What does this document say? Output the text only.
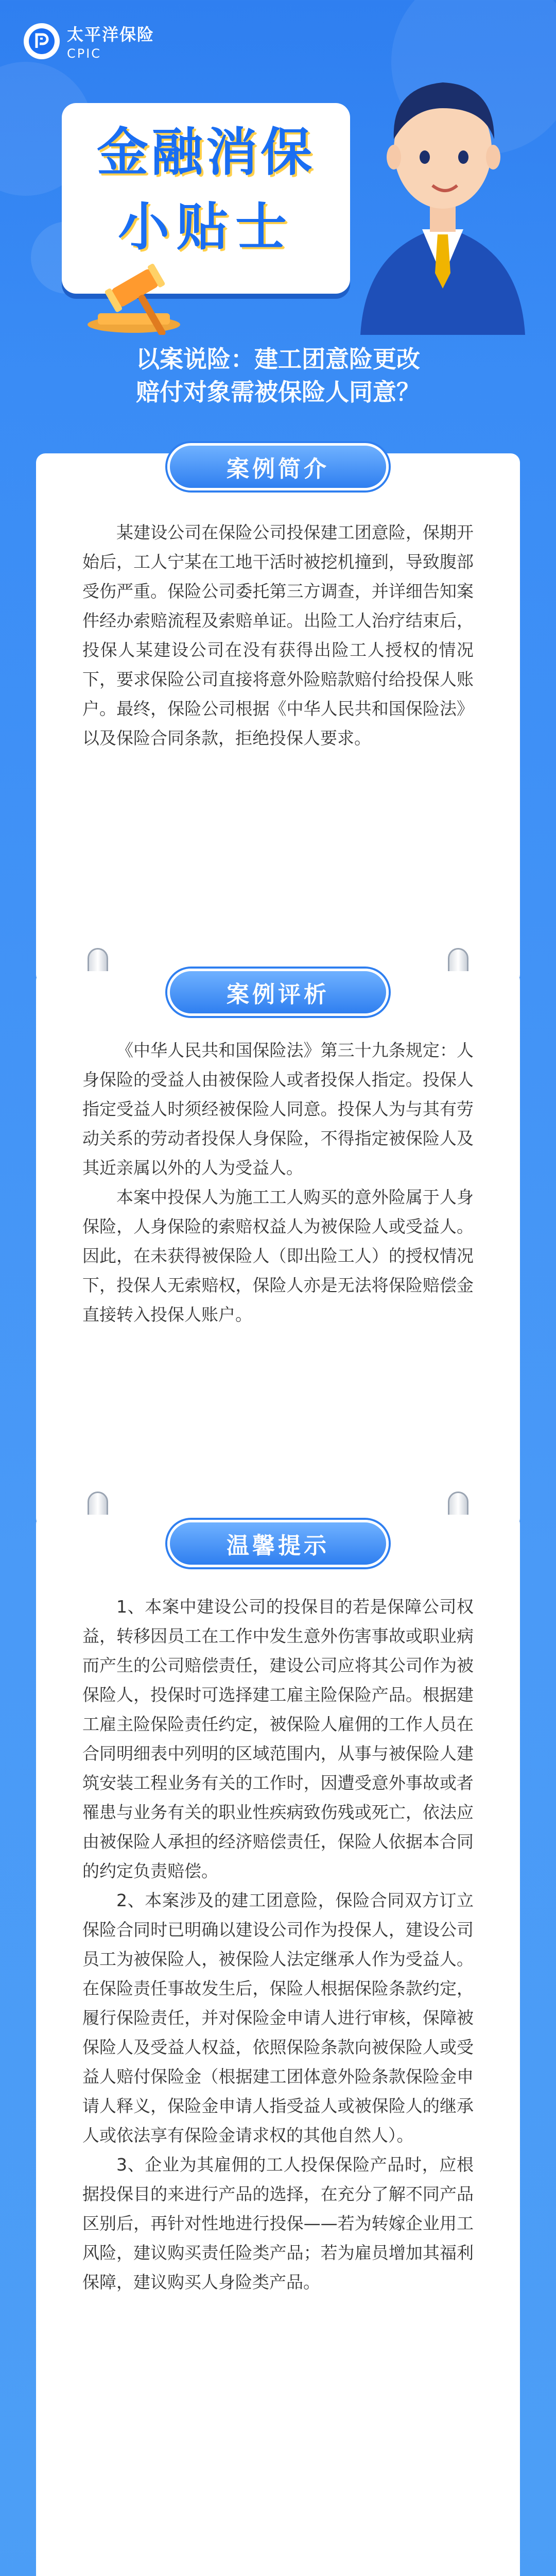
太平洋保险
CPIC
金融消保
小贴士
以案说险：建工团意险更改
赔付对象需被保险人同意？
案例简介

某建设公司在保险公司投保建工团意险，保期开始后，工人宁某在工地干活时被挖机撞到，导致腹部受伤严重。保险公司委托第三方调查，并详细告知案件经办索赔流程及索赔单证。出险工人治疗结束后，投保人某建设公司在没有获得出险工人授权的情况下，要求保险公司直接将意外险赔款赔付给投保人账户。最终，保险公司根据《中华人民共和国保险法》以及保险合同条款，拒绝投保人要求。

案例评析

《中华人民共和国保险法》第三十九条规定：人身保险的受益人由被保险人或者投保人指定。投保人指定受益人时须经被保险人同意。投保人为与其有劳动关系的劳动者投保人身保险，不得指定被保险人及其近亲属以外的人为受益人。

本案中投保人为施工工人购买的意外险属于人身保险，人身保险的索赔权益人为被保险人或受益人。因此，在未获得被保险人（即出险工人）的授权情况下，投保人无索赔权，保险人亦是无法将保险赔偿金直接转入投保人账户。

温馨提示

1、本案中建设公司的投保目的若是保障公司权益，转移因员工在工作中发生意外伤害事故或职业病而产生的公司赔偿责任，建设公司应将其公司作为被保险人，投保时可选择建工雇主险保险产品。根据建工雇主险保险责任约定，被保险人雇佣的工作人员在合同明细表中列明的区域范围内，从事与被保险人建筑安装工程业务有关的工作时，因遭受意外事故或者罹患与业务有关的职业性疾病致伤残或死亡，依法应由被保险人承担的经济赔偿责任，保险人依据本合同的约定负责赔偿。

2、本案涉及的建工团意险，保险合同双方订立保险合同时已明确以建设公司作为投保人，建设公司员工为被保险人，被保险人法定继承人作为受益人。在保险责任事故发生后，保险人根据保险条款约定，履行保险责任，并对保险金申请人进行审核，保障被保险人及受益人权益，依照保险条款向被保险人或受益人赔付保险金（根据建工团体意外险条款保险金申请人释义，保险金申请人指受益人或被保险人的继承人或依法享有保险金请求权的其他自然人）。

3、企业为其雇佣的工人投保保险产品时，应根据投保目的来进行产品的选择，在充分了解不同产品区别后，再针对性地进行投保——若为转嫁企业用工风险，建议购买责任险类产品；若为雇员增加其福利保障，建议购买人身险类产品。
